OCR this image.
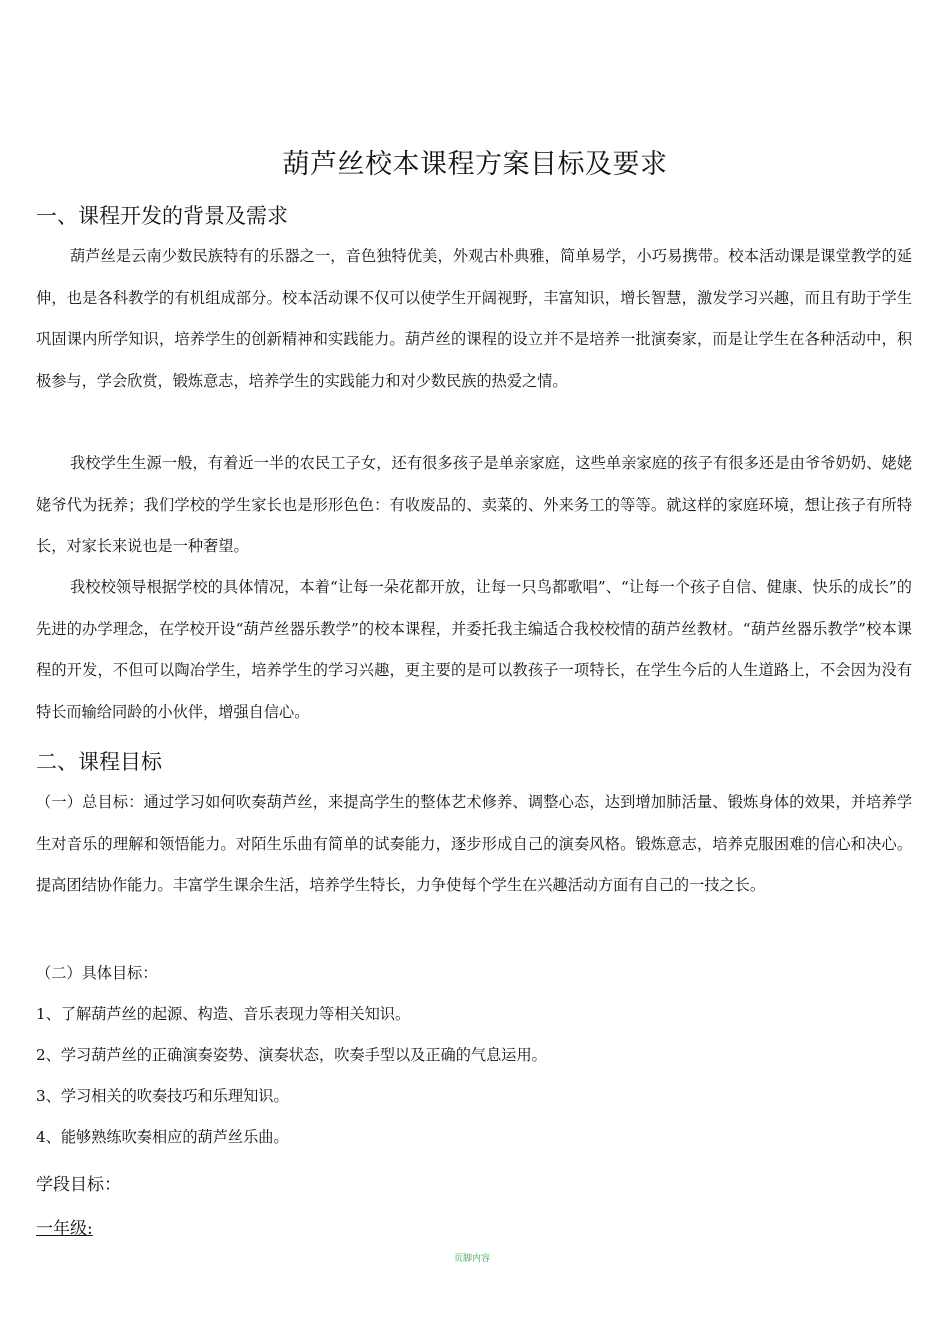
葫芦丝校本课程方案目标及要求
一、课程开发的背景及需求

葫芦丝是云南少数民族特有的乐器之一，音色独特优美，外观古朴典雅，简单易学，小巧易携带。校本活动课是课堂教学的延伸，也是各科教学的有机组成部分。校本活动课不仅可以使学生开阔视野，丰富知识，增长智慧，激发学习兴趣，而且有助于学生巩固课内所学知识，培养学生的创新精神和实践能力。葫芦丝的课程的设立并不是培养一批演奏家，而是让学生在各种活动中，积极参与，学会欣赏，锻炼意志，培养学生的实践能力和对少数民族的热爱之情。

我校学生生源一般，有着近一半的农民工子女，还有很多孩子是单亲家庭，这些单亲家庭的孩子有很多还是由爷爷奶奶、姥姥姥爷代为抚养；我们学校的学生家长也是形形色色：有收废品的、卖菜的、外来务工的等等。就这样的家庭环境，想让孩子有所特长，对家长来说也是一种奢望。

我校校领导根据学校的具体情况，本着“让每一朵花都开放，让每一只鸟都歌唱”、“让每一个孩子自信、健康、快乐的成长”的先进的办学理念，在学校开设“葫芦丝器乐教学”的校本课程，并委托我主编适合我校校情的葫芦丝教材。“葫芦丝器乐教学”校本课程的开发，不但可以陶冶学生，培养学生的学习兴趣，更主要的是可以教孩子一项特长，在学生今后的人生道路上，不会因为没有特长而输给同龄的小伙伴，增强自信心。

二、课程目标

（一）总目标：通过学习如何吹奏葫芦丝，来提高学生的整体艺术修养、调整心态，达到增加肺活量、锻炼身体的效果，并培养学生对音乐的理解和领悟能力。对陌生乐曲有简单的试奏能力，逐步形成自己的演奏风格。锻炼意志，培养克服困难的信心和决心。提高团结协作能力。丰富学生课余生活，培养学生特长，力争使每个学生在兴趣活动方面有自己的一技之长。

（二）具体目标：

1、了解葫芦丝的起源、构造、音乐表现力等相关知识。

2、学习葫芦丝的正确演奏姿势、演奏状态，吹奏手型以及正确的气息运用。

3、学习相关的吹奏技巧和乐理知识。

4、能够熟练吹奏相应的葫芦丝乐曲。

学段目标：

一年级:

页脚内容
